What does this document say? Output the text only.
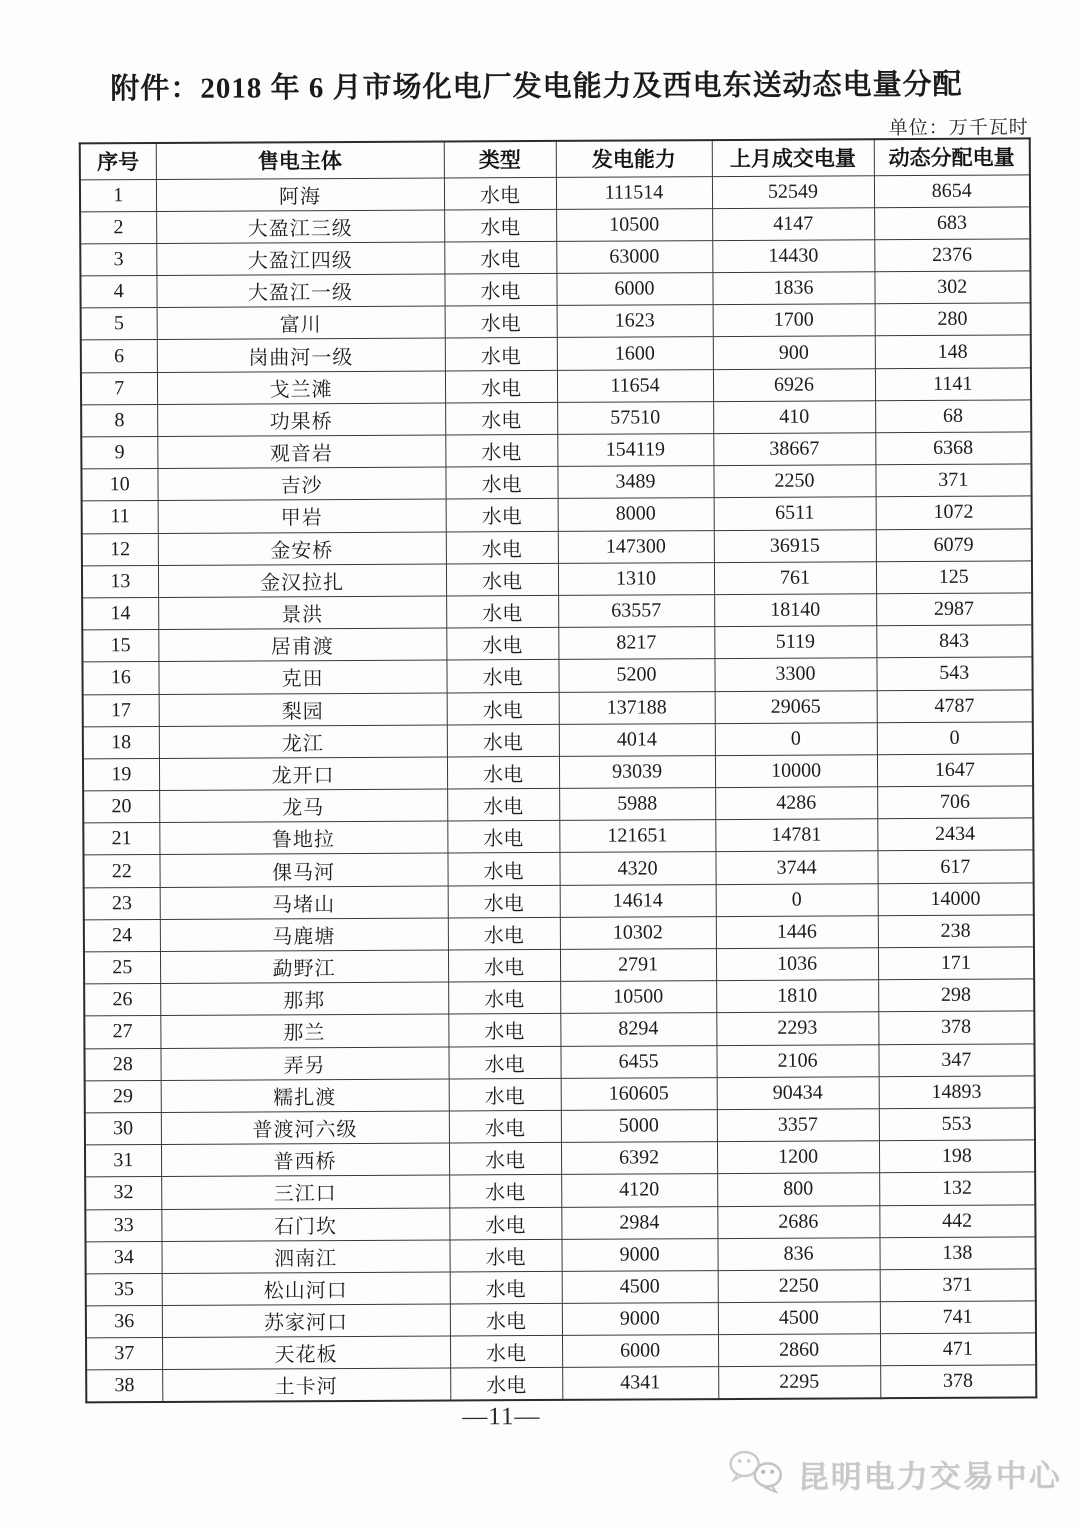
附件：2018 年 6 月市场化电厂发电能力及西电东送动态电量分配
单位：万千瓦时
序号	售电主体	类型	发电能力	上月成交电量	动态分配电量
1	阿海	水电	111514	52549	8654
2	大盈江三级	水电	10500	4147	683
3	大盈江四级	水电	63000	14430	2376
4	大盈江一级	水电	6000	1836	302
5	富川	水电	1623	1700	280
6	岗曲河一级	水电	1600	900	148
7	戈兰滩	水电	11654	6926	1141
8	功果桥	水电	57510	410	68
9	观音岩	水电	154119	38667	6368
10	吉沙	水电	3489	2250	371
11	甲岩	水电	8000	6511	1072
12	金安桥	水电	147300	36915	6079
13	金汉拉扎	水电	1310	761	125
14	景洪	水电	63557	18140	2987
15	居甫渡	水电	8217	5119	843
16	克田	水电	5200	3300	543
17	梨园	水电	137188	29065	4787
18	龙江	水电	4014	0	0
19	龙开口	水电	93039	10000	1647
20	龙马	水电	5988	4286	706
21	鲁地拉	水电	121651	14781	2434
22	倮马河	水电	4320	3744	617
23	马堵山	水电	14614	0	14000
24	马鹿塘	水电	10302	1446	238
25	勐野江	水电	2791	1036	171
26	那邦	水电	10500	1810	298
27	那兰	水电	8294	2293	378
28	弄另	水电	6455	2106	347
29	糯扎渡	水电	160605	90434	14893
30	普渡河六级	水电	5000	3357	553
31	普西桥	水电	6392	1200	198
32	三江口	水电	4120	800	132
33	石门坎	水电	2984	2686	442
34	泗南江	水电	9000	836	138
35	松山河口	水电	4500	2250	371
36	苏家河口	水电	9000	4500	741
37	天花板	水电	6000	2860	471
38	土卡河	水电	4341	2295	378
—11—
昆明电力交易中心
